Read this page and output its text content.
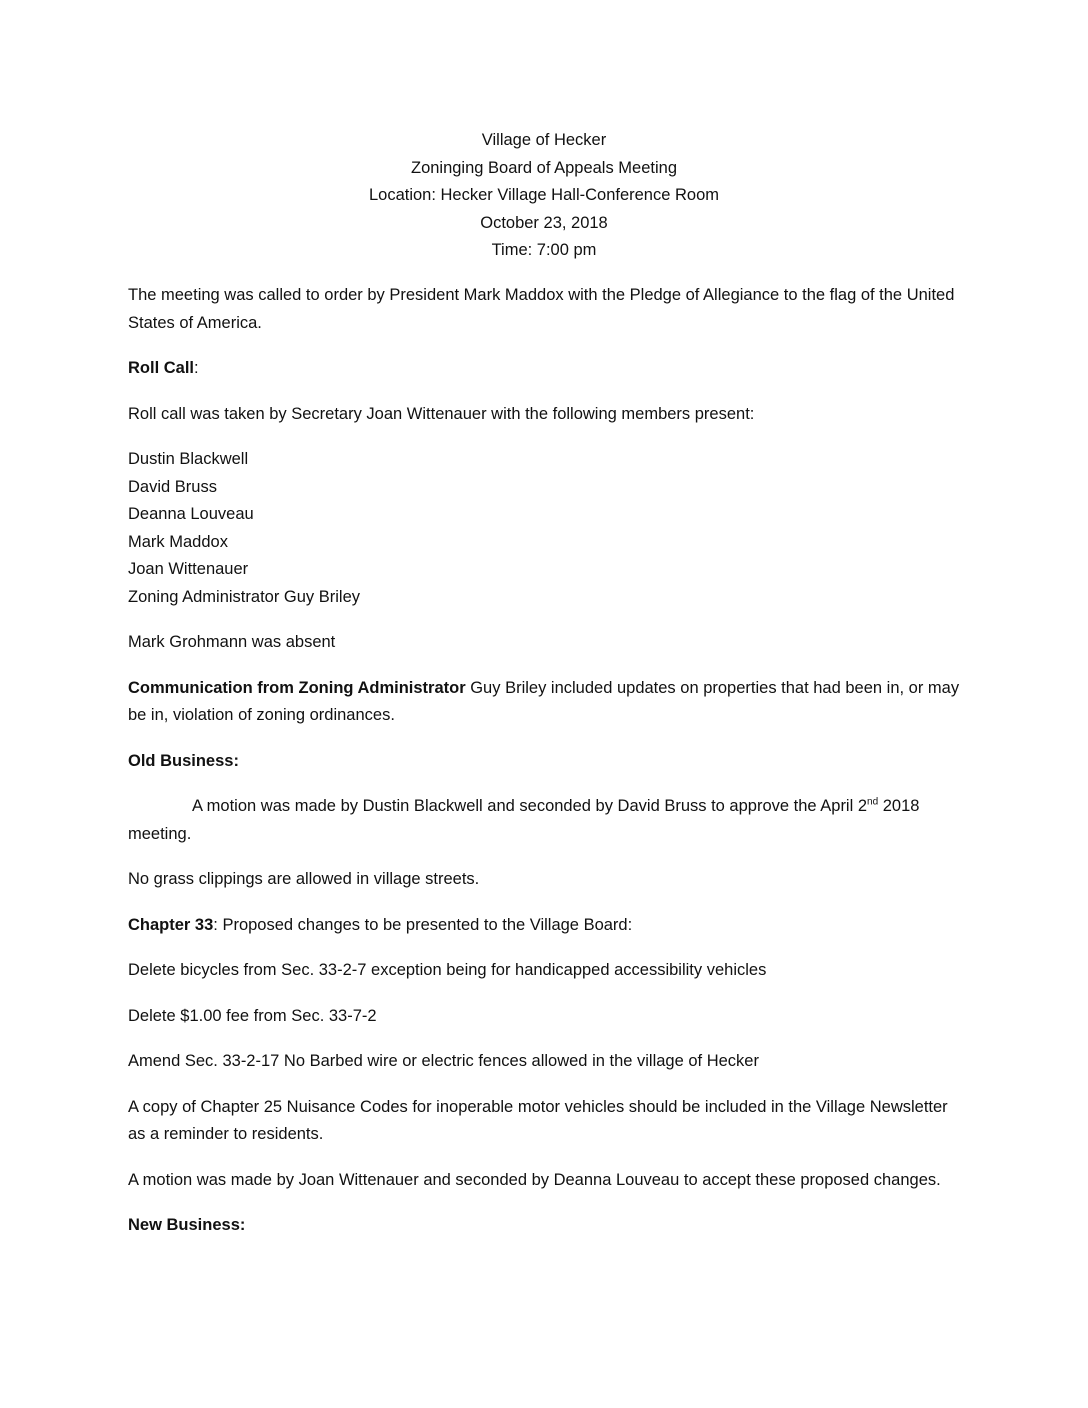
Village of Hecker
Zoninging Board of Appeals Meeting
Location: Hecker Village Hall-Conference Room
October 23, 2018
Time: 7:00 pm

The meeting was called to order by President Mark Maddox with the Pledge of Allegiance to the flag of the United States of America.

Roll Call:

Roll call was taken by Secretary Joan Wittenauer with the following members present:

Dustin Blackwell
David Bruss
Deanna Louveau
Mark Maddox
Joan Wittenauer
Zoning Administrator Guy Briley

Mark Grohmann was absent

Communication from Zoning Administrator Guy Briley included updates on properties that had been in, or may be in, violation of zoning ordinances.

Old Business:

A motion was made by Dustin Blackwell and seconded by David Bruss to approve the April 2nd 2018 meeting.

No grass clippings are allowed in village streets.

Chapter 33: Proposed changes to be presented to the Village Board:

Delete bicycles from Sec. 33-2-7 exception being for handicapped accessibility vehicles

Delete $1.00 fee from Sec. 33-7-2

Amend Sec. 33-2-17 No Barbed wire or electric fences allowed in the village of Hecker

A copy of Chapter 25 Nuisance Codes for inoperable motor vehicles should be included in the Village Newsletter as a reminder to residents.

A motion was made by Joan Wittenauer and seconded by Deanna Louveau to accept these proposed changes.

New Business:
